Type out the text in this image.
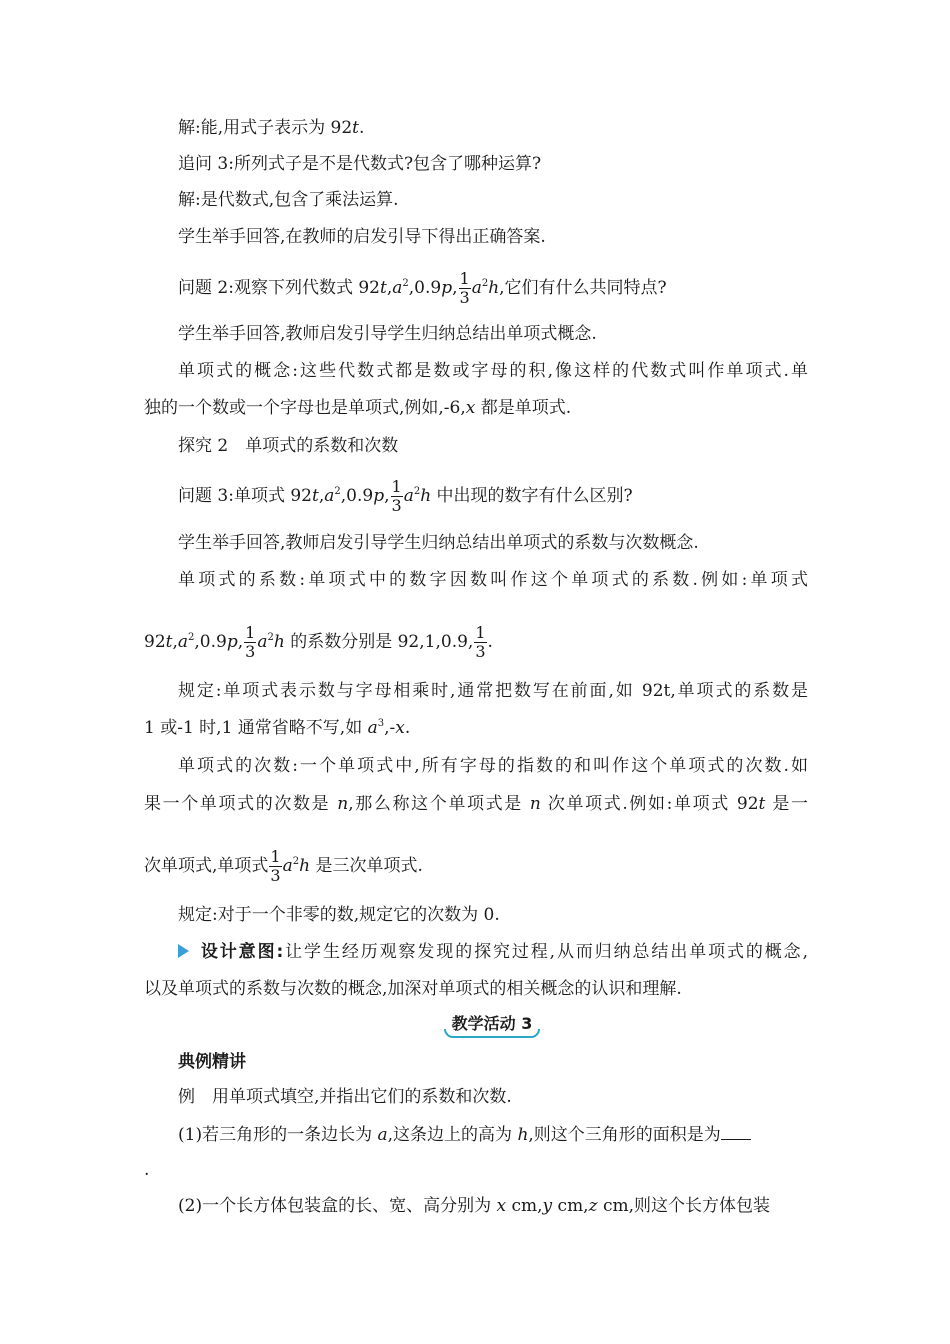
解:能,用式子表示为 92t.
追问 3:所列式子是不是代数式?包含了哪种运算?
解:是代数式,包含了乘法运算.
学生举手回答,在教师的启发引导下得出正确答案.
问题 2:观察下列代数式 $92t,a^2,0.9p$, $\frac{1}{3} a^2h$,它们有什么共同特点?
学生举手回答,教师启发引导学生归纳总结出单项式概念.
单项式的概念:这些代数式都是数或字母的积,像这样的代数式叫作单项式.单
独的一个数或一个字母也是单项式,例如,-6,x 都是单项式.
探究 2　单项式的系数和次数
问题 3:单项式 $92t,a^2,0.9p$, $\frac{1}{3} a^2h$ 中出现的数字有什么区别?
学生举手回答,教师启发引导学生归纳总结出单项式的系数与次数概念.
单项式的系数:单项式中的数字因数叫作这个单项式的系数.例如:单项式
$92t,a^2,0.9p$, $\frac{1}{3} a^2h$ 的系数分别是 92,1,0.9, $\frac{1}{3}$ .
规定:单项式表示数与字母相乘时,通常把数写在前面,如 92t,单项式的系数是
1 或-1 时,1 通常省略不写,如 $a^3,-x$.
单项式的次数:一个单项式中,所有字母的指数的和叫作这个单项式的次数.如
果一个单项式的次数是 n,那么称这个单项式是 n 次单项式.例如:单项式 92t 是一
次单项式,单项式 $\frac{1}{3} a^2h$ 是三次单项式.
规定:对于一个非零的数,规定它的次数为 0.
设计意图:让学生经历观察发现的探究过程,从而归纳总结出单项式的概念,
以及单项式的系数与次数的概念,加深对单项式的相关概念的认识和理解.
教学活动 3
典例精讲
例　用单项式填空,并指出它们的系数和次数.
(1)若三角形的一条边长为 a,这条边上的高为 h,则这个三角形的面积是为
.
(2)一个长方体包装盒的长、宽、高分别为 x cm,y cm,z cm,则这个长方体包装
